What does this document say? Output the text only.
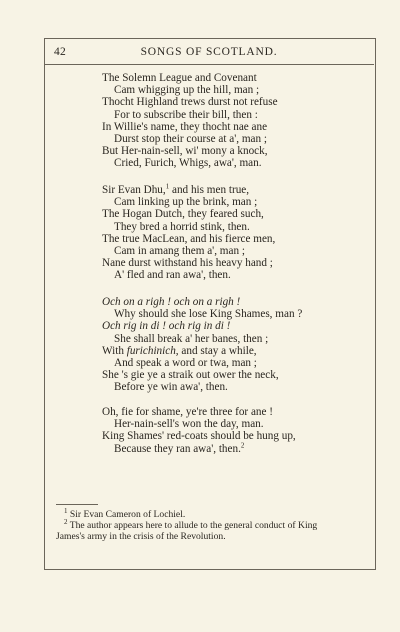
42	SONGS OF SCOTLAND.
The Solemn League and Covenant
Cam whigging up the hill, man ;
Thocht Highland trews durst not refuse
For to subscribe their bill, then :
In Willie's name, they thocht nae ane
Durst stop their course at a', man ;
But Her-nain-sell, wi' mony a knock,
Cried, Furich, Whigs, awa', man.
Sir Evan Dhu,$^1$ and his men true,
Cam linking up the brink, man ;
The Hogan Dutch, they feared such,
They bred a horrid stink, then.
The true MacLean, and his fierce men,
Cam in amang them a', man ;
Nane durst withstand his heavy hand ;
A' fled and ran awa', then.
Och on a righ ! och on a righ !
Why should she lose King Shames, man ?
Och rig in di ! och rig in di !
She shall break a' her banes, then ;
With furichinich, and stay a while,
And speak a word or twa, man ;
She 's gie ye a straik out ower the neck,
Before ye win awa', then.
Oh, fie for shame, ye're three for ane !
Her-nain-sell's won the day, man.
King Shames' red-coats should be hung up,
Because they ran awa', then.$^2$
$^1$ Sir Evan Cameron of Lochiel.
$^2$ The author appears here to allude to the general conduct of King
James's army in the crisis of the Revolution.
